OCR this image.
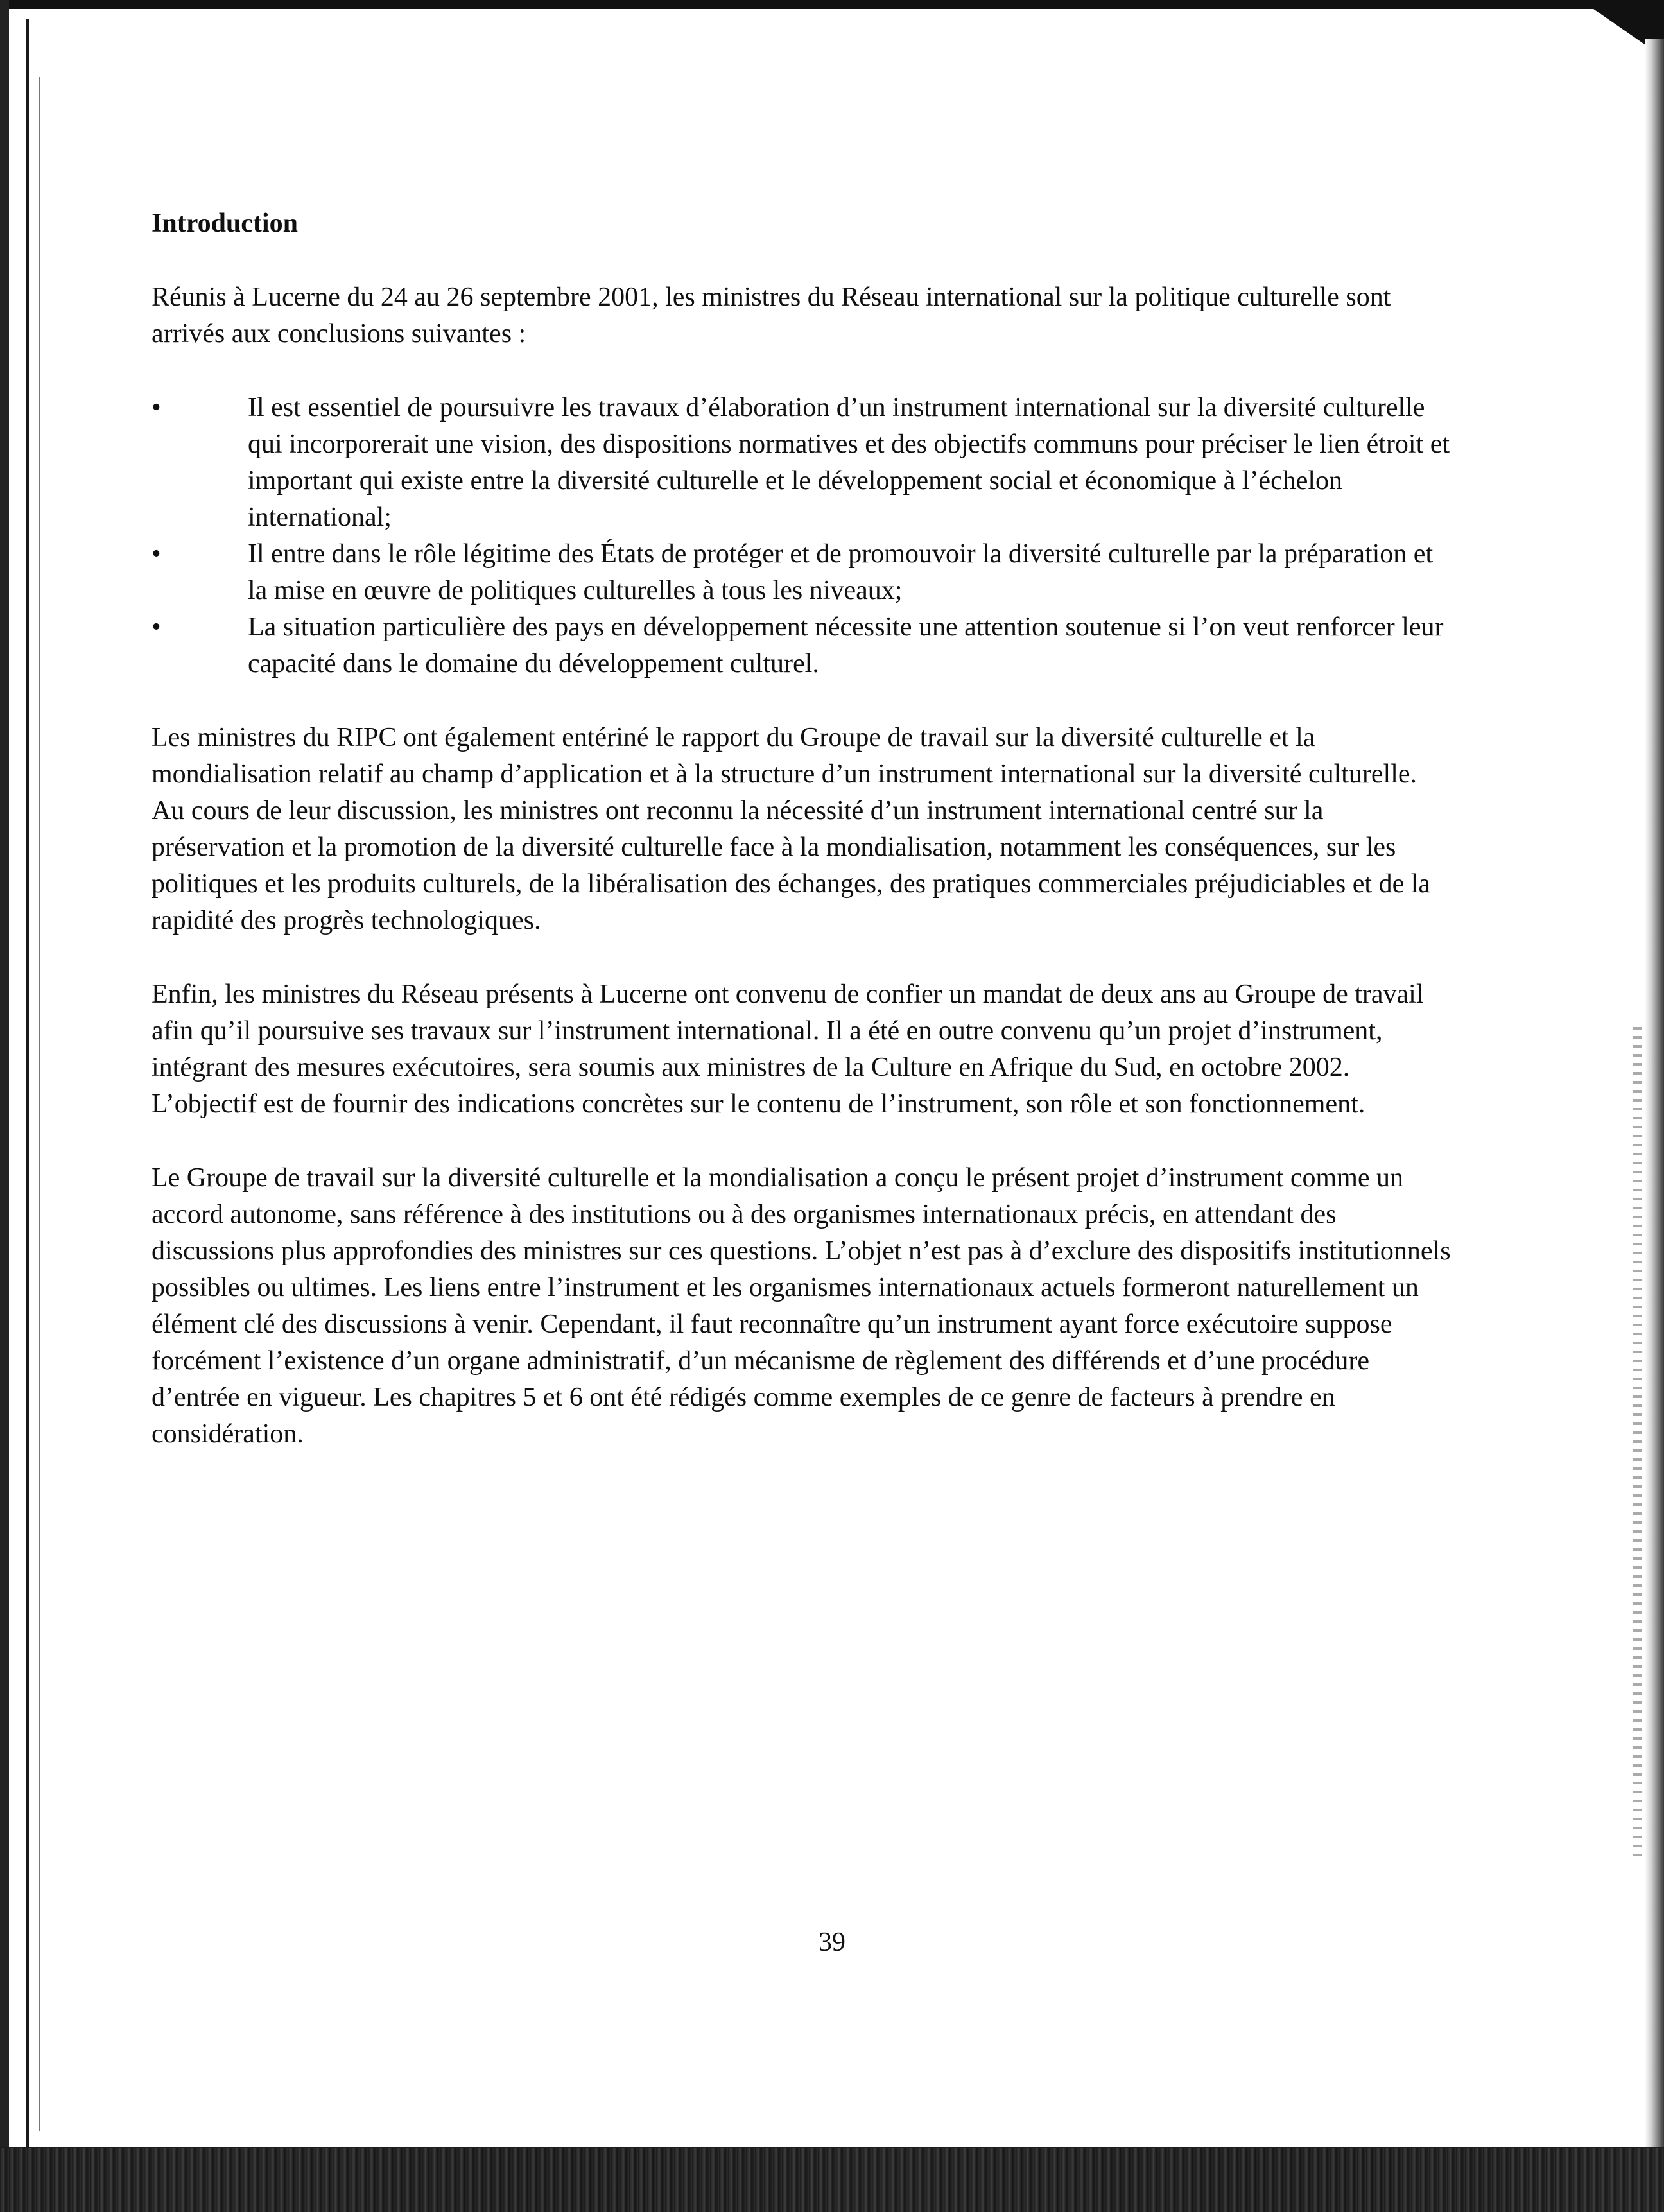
Introduction

Réunis à Lucerne du 24 au 26 septembre 2001, les ministres du Réseau international sur la politique culturelle sont arrivés aux conclusions suivantes :

•	Il est essentiel de poursuivre les travaux d’élaboration d’un instrument international sur la diversité culturelle qui incorporerait une vision, des dispositions normatives et des objectifs communs pour préciser le lien étroit et important qui existe entre la diversité culturelle et le développement social et économique à l’échelon international;
•	Il entre dans le rôle légitime des États de protéger et de promouvoir la diversité culturelle par la préparation et la mise en œuvre de politiques culturelles à tous les niveaux;
•	La situation particulière des pays en développement nécessite une attention soutenue si l’on veut renforcer leur capacité dans le domaine du développement culturel.

Les ministres du RIPC ont également entériné le rapport du Groupe de travail sur la diversité culturelle et la mondialisation relatif au champ d’application et à la structure d’un instrument international sur la diversité culturelle. Au cours de leur discussion, les ministres ont reconnu la nécessité d’un instrument international centré sur la préservation et la promotion de la diversité culturelle face à la mondialisation, notamment les conséquences, sur les politiques et les produits culturels, de la libéralisation des échanges, des pratiques commerciales préjudiciables et de la rapidité des progrès technologiques.

Enfin, les ministres du Réseau présents à Lucerne ont convenu de confier un mandat de deux ans au Groupe de travail afin qu’il poursuive ses travaux sur l’instrument international. Il a été en outre convenu qu’un projet d’instrument, intégrant des mesures exécutoires, sera soumis aux ministres de la Culture en Afrique du Sud, en octobre 2002. L’objectif est de fournir des indications concrètes sur le contenu de l’instrument, son rôle et son fonctionnement.

Le Groupe de travail sur la diversité culturelle et la mondialisation a conçu le présent projet d’instrument comme un accord autonome, sans référence à des institutions ou à des organismes internationaux précis, en attendant des discussions plus approfondies des ministres sur ces questions. L’objet n’est pas à d’exclure des dispositifs institutionnels possibles ou ultimes. Les liens entre l’instrument et les organismes internationaux actuels formeront naturellement un élément clé des discussions à venir. Cependant, il faut reconnaître qu’un instrument ayant force exécutoire suppose forcément l’existence d’un organe administratif, d’un mécanisme de règlement des différends et d’une procédure d’entrée en vigueur. Les chapitres 5 et 6 ont été rédigés comme exemples de ce genre de facteurs à prendre en considération.

39
